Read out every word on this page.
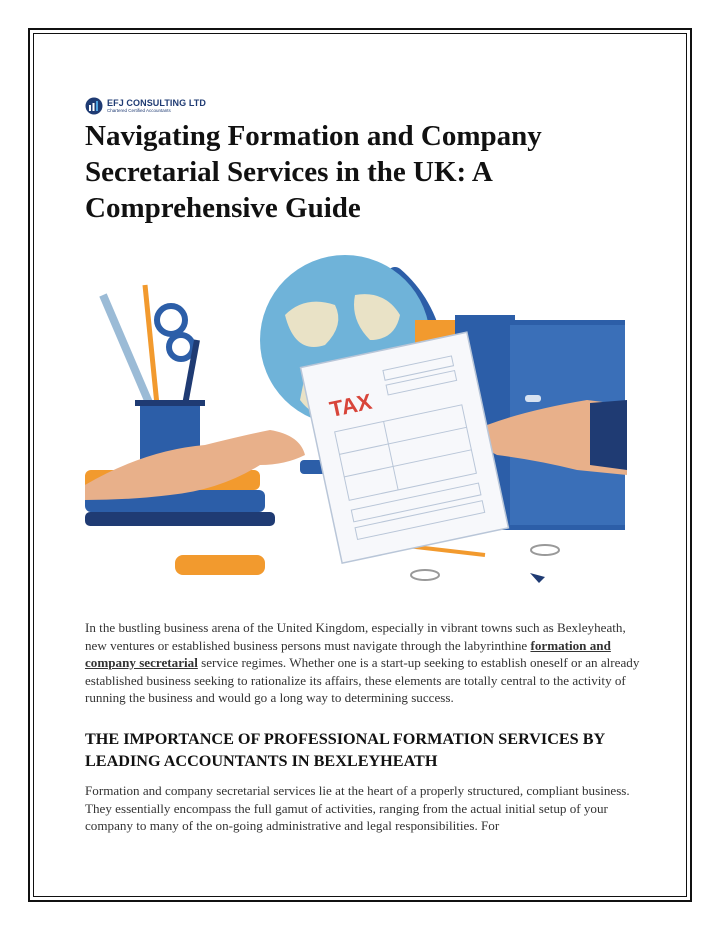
EFJ CONSULTING LTD
Chartered Certified Accountants
Navigating Formation and Company Secretarial Services in the UK: A Comprehensive Guide
TAX

In the bustling business arena of the United Kingdom, especially in vibrant towns such as Bexleyheath, new ventures or established business persons must navigate through the labyrinthine formation and company secretarial service regimes. Whether one is a start-up seeking to establish oneself or an already established business seeking to rationalize its affairs, these elements are totally central to the activity of running the business and would go a long way to determining success.

THE IMPORTANCE OF PROFESSIONAL FORMATION SERVICES BY LEADING ACCOUNTANTS IN BEXLEYHEATH

Formation and company secretarial services lie at the heart of a properly structured, compliant business. They essentially encompass the full gamut of activities, ranging from the actual initial setup of your company to many of the on-going administrative and legal responsibilities. For
